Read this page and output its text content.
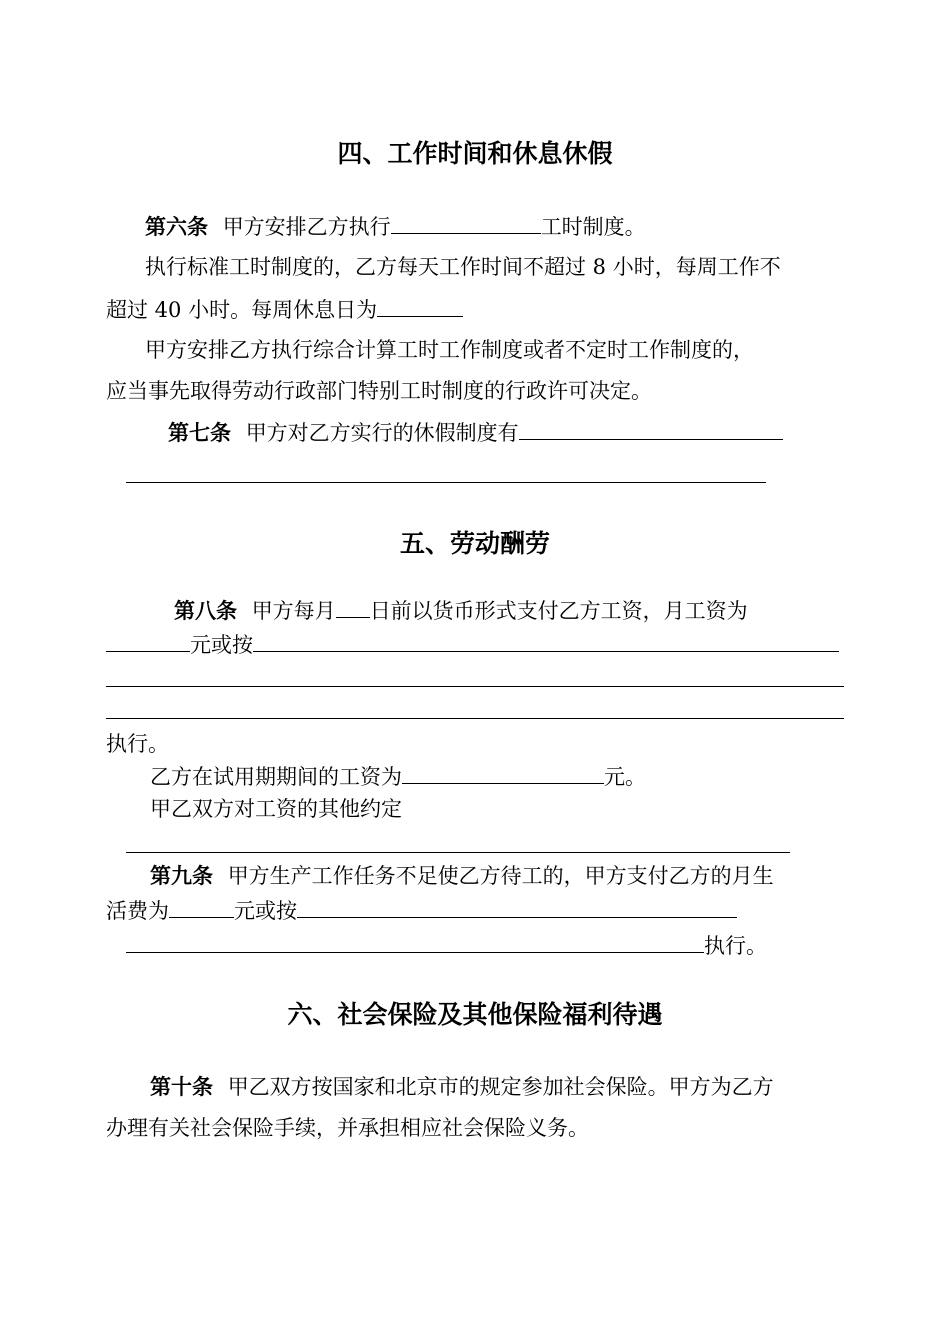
四、工作时间和休息休假
第六条 甲方安排乙方执行	工时制度。
执行标准工时制度的，乙方每天工作时间不超过 8 小时，每周工作不
超过 40 小时。每周休息日为
甲方安排乙方执行综合计算工时工作制度或者不定时工作制度的，
应当事先取得劳动行政部门特别工时制度的行政许可决定。
第七条 甲方对乙方实行的休假制度有
五、劳动酬劳
第八条 甲方每月 日前以货币形式支付乙方工资，月工资为
元或按
执行。
乙方在试用期期间的工资为	元。
甲乙双方对工资的其他约定
第九条 甲方生产工作任务不足使乙方待工的，甲方支付乙方的月生
活费为	元或按
执行。
六、社会保险及其他保险福利待遇
第十条 甲乙双方按国家和北京市的规定参加社会保险。甲方为乙方
办理有关社会保险手续，并承担相应社会保险义务。
